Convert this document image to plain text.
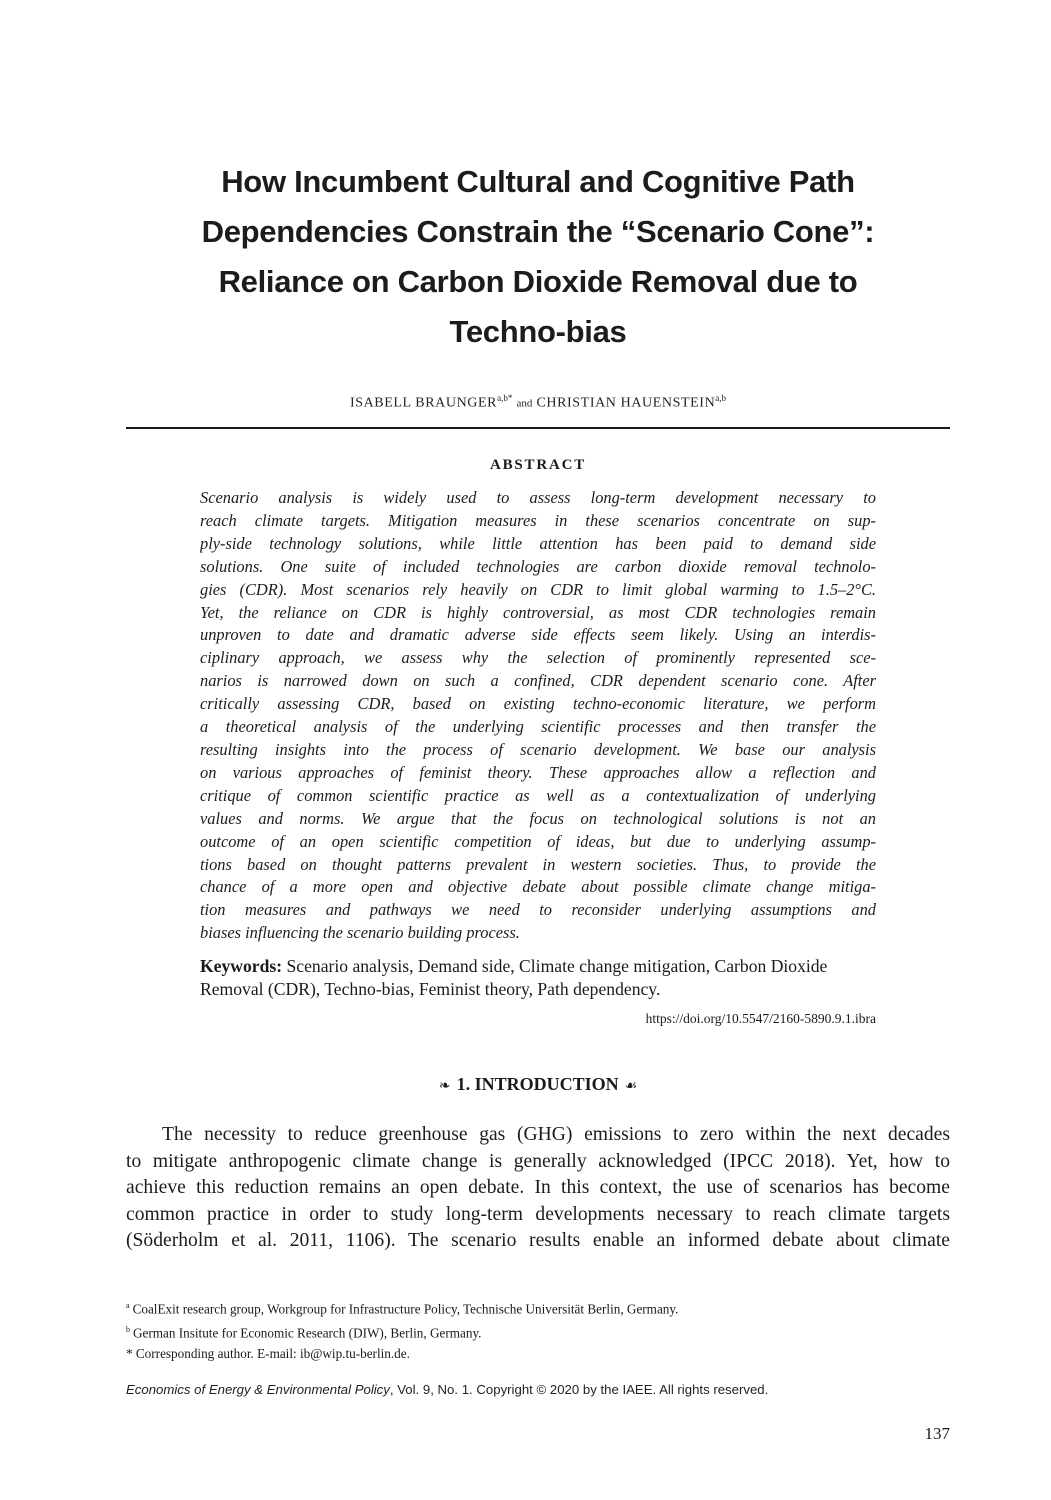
How Incumbent Cultural and Cognitive Path
Dependencies Constrain the “Scenario Cone”:
Reliance on Carbon Dioxide Removal due to
Techno-bias
ISABELL $BRAUNGER^{a,b*}$ and CHRISTIAN HAUENSTEIN$^{a,b}$
ABSTRACT
Scenario analysis is widely used to assess long-term development necessary to
reach climate targets. Mitigation measures in these scenarios concentrate on sup-
ply-side technology solutions, while little attention has been paid to demand side
solutions. One suite of included technologies are carbon dioxide removal technolo-
gies (CDR). Most scenarios rely heavily on CDR to limit global warming to 1.5–2°C.
Yet, the reliance on CDR is highly controversial, as most CDR technologies remain
unproven to date and dramatic adverse side effects seem likely. Using an interdis-
ciplinary approach, we assess why the selection of prominently represented sce-
narios is narrowed down on such a confined, CDR dependent scenario cone. After
critically assessing CDR, based on existing techno-economic literature, we perform
a theoretical analysis of the underlying scientific processes and then transfer the
resulting insights into the process of scenario development. We base our analysis
on various approaches of feminist theory. These approaches allow a reflection and
critique of common scientific practice as well as a contextualization of underlying
values and norms. We argue that the focus on technological solutions is not an
outcome of an open scientific competition of ideas, but due to underlying assump-
tions based on thought patterns prevalent in western societies. Thus, to provide the
chance of a more open and objective debate about possible climate change mitiga-
tion measures and pathways we need to reconsider underlying assumptions and
biases influencing the scenario building process.
Keywords: Scenario analysis, Demand side, Climate change mitigation, Carbon Dioxide Removal (CDR), Techno-bias, Feminist theory, Path dependency.
https://doi.org/10.5547/2160-5890.9.1.ibra
❧ 1. INTRODUCTION ☙
The necessity to reduce greenhouse gas (GHG) emissions to zero within the next decades
to mitigate anthropogenic climate change is generally acknowledged (IPCC 2018). Yet, how to
achieve this reduction remains an open debate. In this context, the use of scenarios has become
common practice in order to study long-term developments necessary to reach climate targets
(Söderholm et al. 2011, 1106). The scenario results enable an informed debate about climate
$^a$ CoalExit research group, Workgroup for Infrastructure Policy, Technische Universität Berlin, Germany.
$^b$ German Insitute for Economic Research (DIW), Berlin, Germany.
* Corresponding author. E-mail: ib@wip.tu-berlin.de.
Economics of Energy & Environmental Policy, Vol. 9, No. 1. Copyright © 2020 by the IAEE. All rights reserved.
137
